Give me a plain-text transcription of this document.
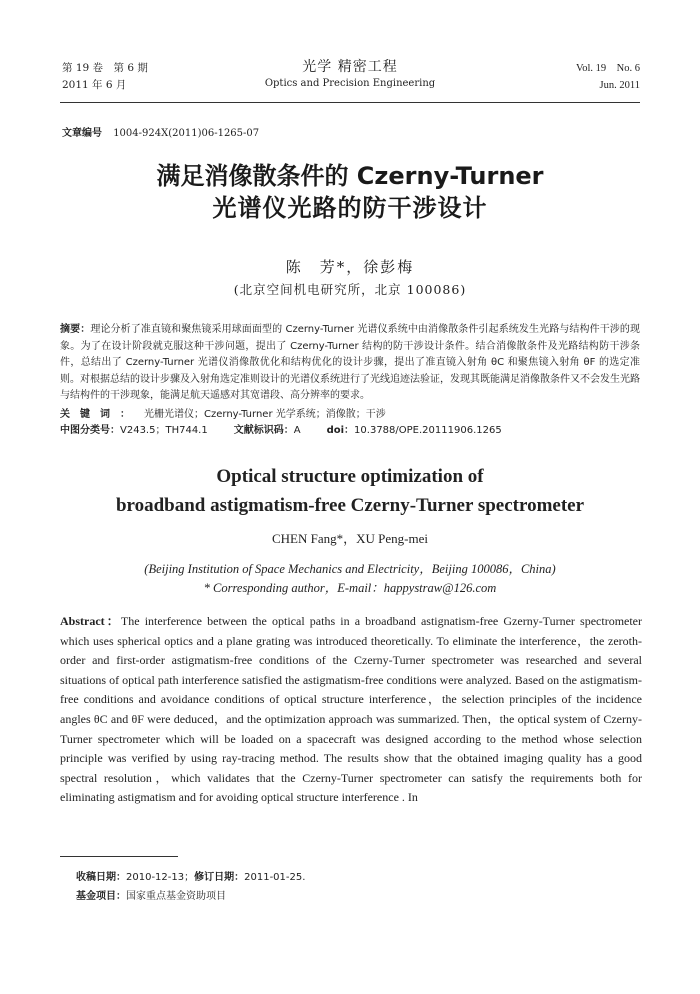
第 19 卷　第 6 期
2011 年 6 月
光学 精密工程
Optics and Precision Engineering
Vol. 19　No. 6
Jun. 2011
文章编号 1004-924X(2011)06-1265-07
满足消像散条件的 Czerny-Turner
光谱仪光路的防干涉设计
陈　芳*，徐彭梅
(北京空间机电研究所，北京 100086)
摘要：理论分析了准直镜和聚焦镜采用球面面型的 Czerny-Turner 光谱仪系统中由消像散条件引起系统发生光路与结构件干涉的现象。为了在设计阶段就克服这种干涉问题，提出了 Czerny-Turner 结构的防干涉设计条件。结合消像散条件及光路结构防干涉条件，总结出了 Czerny-Turner 光谱仪消像散优化和结构优化的设计步骤，提出了准直镜入射角 θC 和聚焦镜入射角 θF 的选定准则。对根据总结的设计步骤及入射角选定准则设计的光谱仪系统进行了光线追迹法验证，发现其既能满足消像散条件又不会发生光路与结构件的干涉现象，能满足航天遥感对其宽谱段、高分辨率的要求。
关键词： 光栅光谱仪；Czerny-Turner 光学系统；消像散；干涉
中图分类号：V243.5；TH744.1	文献标识码：A	doi：10.3788/OPE.20111906.1265
Optical structure optimization of
broadband astigmatism-free Czerny-Turner spectrometer
CHEN Fang*，XU Peng-mei
(Beijing Institution of Space Mechanics and Electricity，Beijing 100086，China)
* Corresponding author，E-mail：happystraw@126.com
Abstract：The interference between the optical paths in a broadband astignatism-free Gzerny-Turner spectrometer which uses spherical optics and a plane grating was introduced theoretically. To eliminate the interference，the zeroth-order and first-order astigmatism-free conditions of the Czerny-Turner spectrometer was researched and several situations of optical path interference satisfied the astigmatism-free conditions were analyzed. Based on the astigmatism-free conditions and avoidance conditions of optical structure interference，the selection principles of the incidence angles θC and θF were deduced，and the optimization approach was summarized. Then，the optical system of Czerny-Turner spectrometer which will be loaded on a spacecraft was designed according to the method whose selection principle was verified by using ray-tracing method. The results show that the obtained imaging quality has a good spectral resolution，which validates that the Czerny-Turner spectrometer can satisfy the requirements both for eliminating astigmatism and for avoiding optical structure interference . In
收稿日期：2010-12-13；修订日期：2011-01-25.
基金项目：国家重点基金资助项目
